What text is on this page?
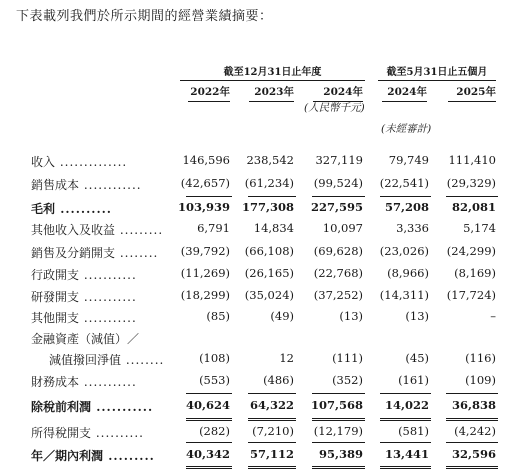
下表載列我們於所示期間的經營業績摘要：
截至12月31日止年度	截至5月31日止五個月
2022年	2023年	2024年	2024年	2025年
(人民幣千元)
(未經審計)
收入 ..............	146,596 238,542 327,119 79,749 111,410
銷售成本 ............	(42,657) (61,234) (99,524) (22,541) (29,329)
毛利 ..........	103,939 177,308 227,595 57,208 82,081
其他收入及收益 .........	6,791 14,834	10,097	3,336	5,174
銷售及分銷開支 ........ (39,792) (66,108) (69,628) (23,026) (24,299)
行政開支 ...........	(11,269) (26,165) (22,768) (8,966) (8,169)
研發開支 ...........	(18,299) (35,024) (37,252) (14,311) (17,724)
其他開支 ...........	(85)	(49)	(13)	(13)	–
金融資產（減值）／
減值撥回淨值 ........	(108)	12	(111)	(45)	(116)
財務成本 ...........	(553)	(486)	(352)	(161)	(109)
除稅前利潤 ...........	40,624 64,322 107,568 14,022 36,838
所得稅開支 ..........	(282) (7,210) (12,179)	(581) (4,242)
年／期內利潤 .........	40,342 57,112 95,389 13,441 32,596
